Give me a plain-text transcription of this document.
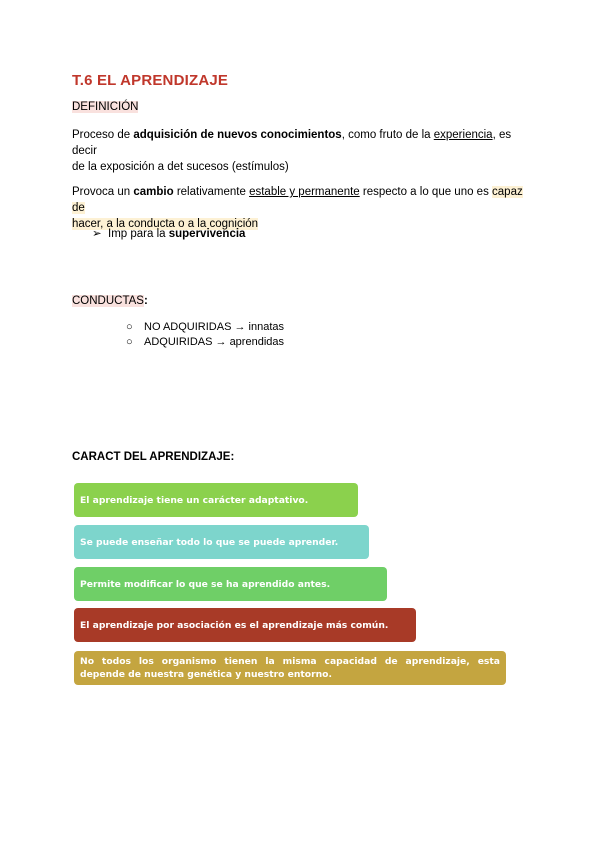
T.6 EL APRENDIZAJE
DEFINICIÓN
Proceso de adquisición de nuevos conocimientos, como fruto de la experiencia, es decir
de la exposición a det sucesos (estímulos)
Provoca un cambio relativamente estable y permanente respecto a lo que uno es capaz de
hacer, a la conducta o a la cognición
➢ Imp para la supervivencia
CONDUCTAS:
○ NO ADQUIRIDAS → innatas
○ ADQUIRIDAS → aprendidas
CARACT DEL APRENDIZAJE:
El aprendizaje tiene un carácter adaptativo.
Se puede enseñar todo lo que se puede aprender.
Permite modificar lo que se ha aprendido antes.
El aprendizaje por asociación es el aprendizaje más común.
No todos los organismo tienen la misma capacidad de aprendizaje, esta depende de nuestra genética y nuestro entorno.
